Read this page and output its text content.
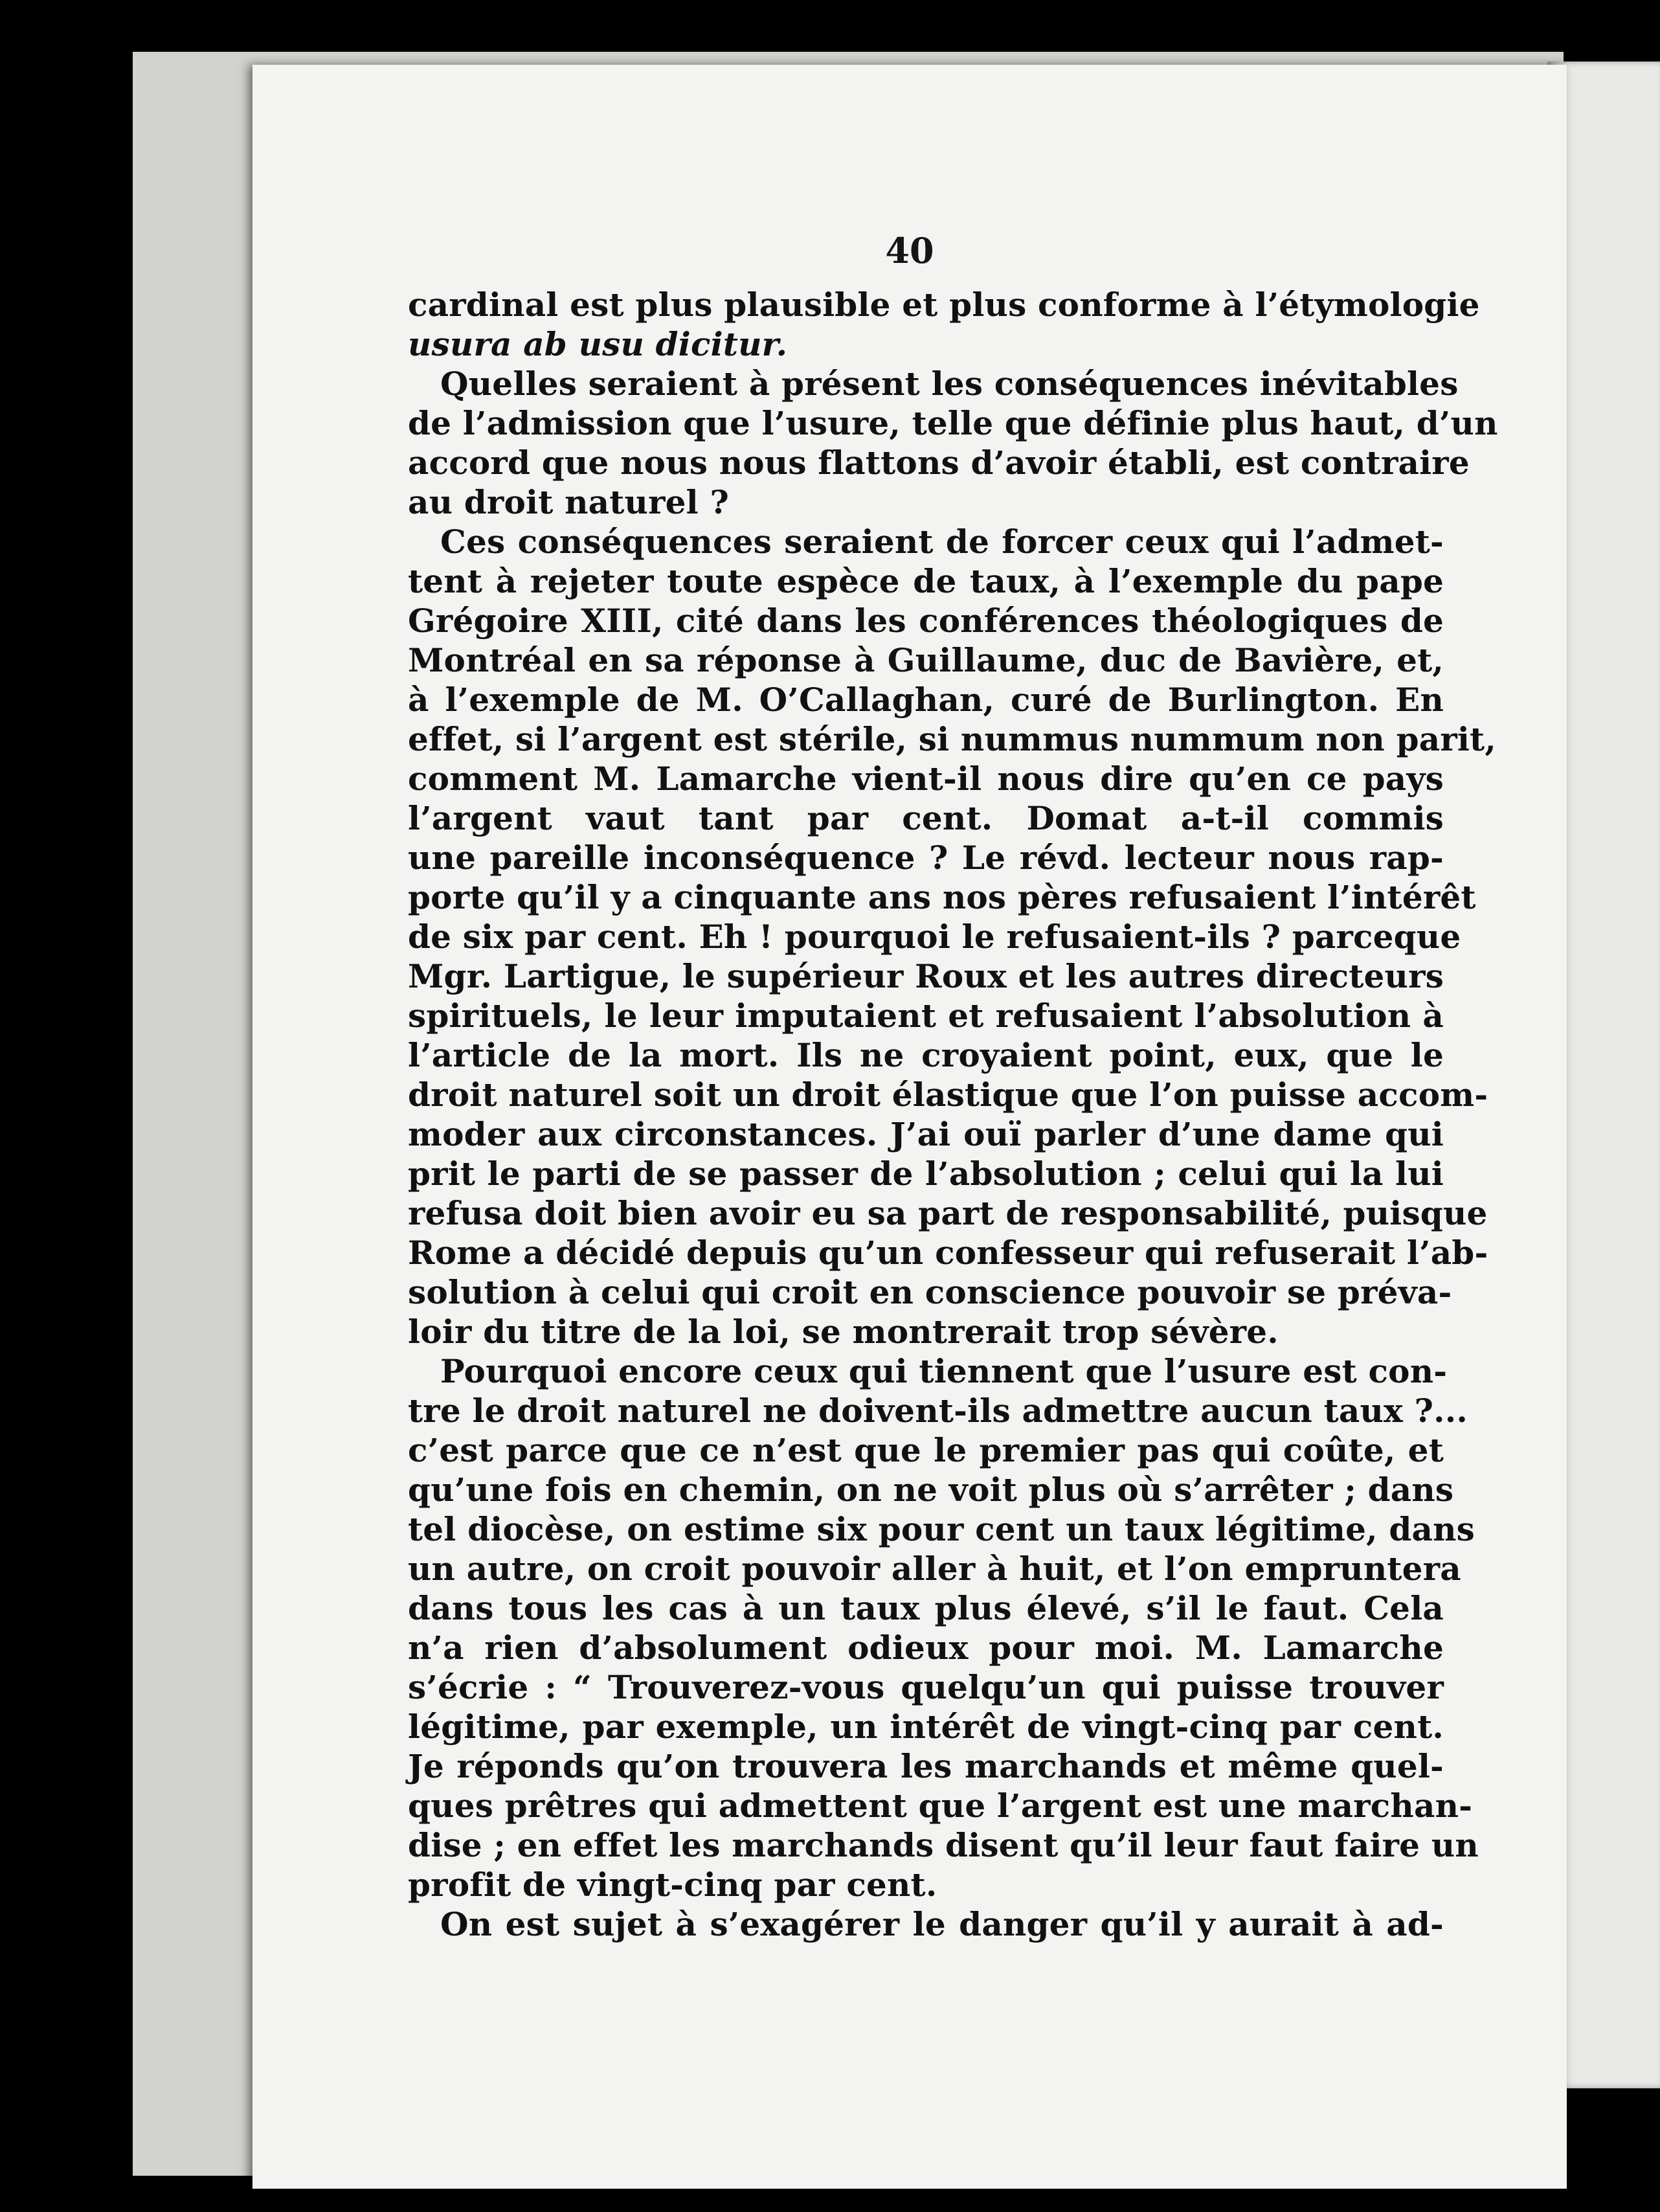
40
cardinal est plus plausible et plus conforme à l’étymologie
usura ab usu dicitur.
Quelles seraient à présent les conséquences inévitables
de l’admission que l’usure, telle que définie plus haut, d’un
accord que nous nous flattons d’avoir établi, est contraire
au droit naturel ?
Ces conséquences seraient de forcer ceux qui l’admet-
tent à rejeter toute espèce de taux, à l’exemple du pape
Grégoire XIII, cité dans les conférences théologiques de
Montréal en sa réponse à Guillaume, duc de Bavière, et,
à l’exemple de M. O’Callaghan, curé de Burlington. En
effet, si l’argent est stérile, si nummus nummum non parit,
comment M. Lamarche vient-il nous dire qu’en ce pays
l’argent vaut tant par cent. Domat a-t-il commis
une pareille inconséquence ? Le révd. lecteur nous rap-
porte qu’il y a cinquante ans nos pères refusaient l’intérêt
de six par cent. Eh ! pourquoi le refusaient-ils ? parceque
Mgr. Lartigue, le supérieur Roux et les autres directeurs
spirituels, le leur imputaient et refusaient l’absolution à
l’article de la mort. Ils ne croyaient point, eux, que le
droit naturel soit un droit élastique que l’on puisse accom-
moder aux circonstances. J’ai ouï parler d’une dame qui
prit le parti de se passer de l’absolution ; celui qui la lui
refusa doit bien avoir eu sa part de responsabilité, puisque
Rome a décidé depuis qu’un confesseur qui refuserait l’ab-
solution à celui qui croit en conscience pouvoir se préva-
loir du titre de la loi, se montrerait trop sévère.
Pourquoi encore ceux qui tiennent que l’usure est con-
tre le droit naturel ne doivent-ils admettre aucun taux ?...
c’est parce que ce n’est que le premier pas qui coûte, et
qu’une fois en chemin, on ne voit plus où s’arrêter ; dans
tel diocèse, on estime six pour cent un taux légitime, dans
un autre, on croit pouvoir aller à huit, et l’on empruntera
dans tous les cas à un taux plus élevé, s’il le faut. Cela
n’a rien d’absolument odieux pour moi. M. Lamarche
s’écrie : “ Trouverez-vous quelqu’un qui puisse trouver
légitime, par exemple, un intérêt de vingt-cinq par cent.
Je réponds qu’on trouvera les marchands et même quel-
ques prêtres qui admettent que l’argent est une marchan-
dise ; en effet les marchands disent qu’il leur faut faire un
profit de vingt-cinq par cent.
On est sujet à s’exagérer le danger qu’il y aurait à ad-
